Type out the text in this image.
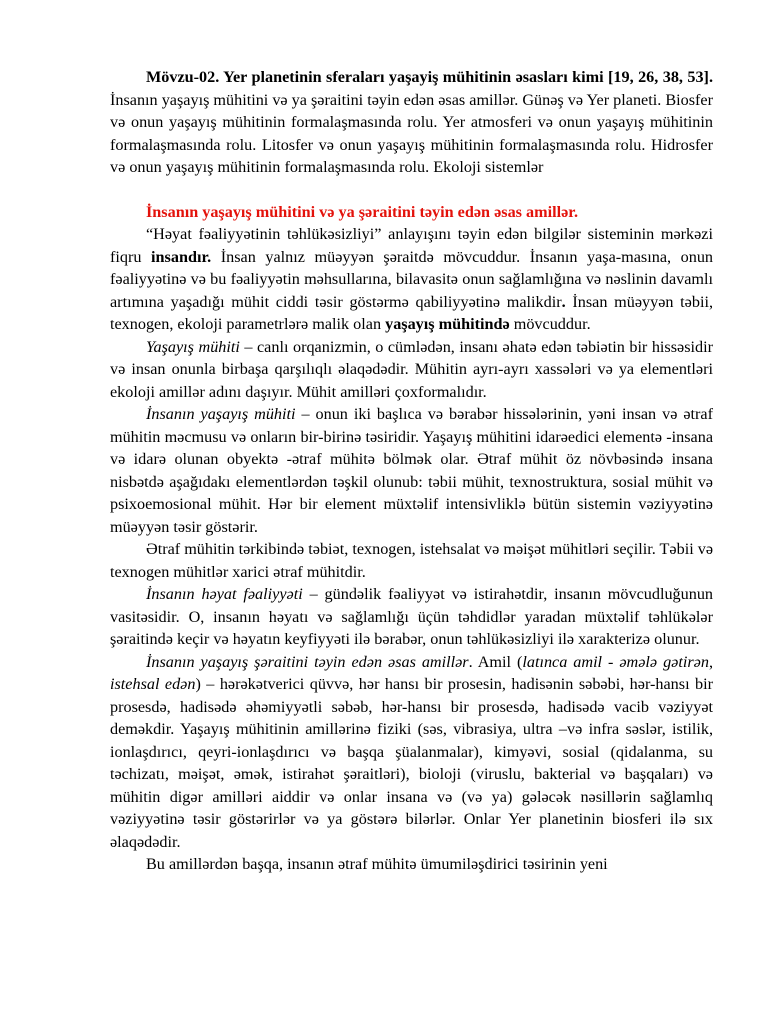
Mövzu-02. Yer planetinin sferaları yaşayiş mühitinin əsasları kimi [19, 26, 38, 53]. İnsanın yaşayış mühitini və ya şəraitini təyin edən əsas amillər. Günəş və Yer planeti. Biosfer və onun yaşayış mühitinin formalaşmasında rolu. Yer atmosferi və onun yaşayış mühitinin formalaşmasında rolu. Litosfer və onun yaşayış mühitinin formalaşmasında rolu. Hidrosfer və onun yaşayış mühitinin formalaşmasında rolu. Ekoloji sistemlər

İnsanın yaşayış mühitini və ya şəraitini təyin edən əsas amillər.

“Həyat fəaliyyətinin təhlükəsizliyi” anlayışını təyin edən bilgilər sisteminin mərkəzi fiqru insandır. İnsan yalnız müəyyən şəraitdə mövcuddur. İnsanın yaşa-masına, onun fəaliyyətinə və bu fəaliyyətin məhsullarına, bilavasitə onun sağlamlığına və nəslinin davamlı artımına yaşadığı mühit ciddi təsir göstərmə qabiliyyətinə malikdir. İnsan müəyyən təbii, texnogen, ekoloji parametrlərə malik olan yaşayış mühitində mövcuddur.

Yaşayış mühiti – canlı orqanizmin, o cümlədən, insanı əhatə edən təbiətin bir hissəsidir və insan onunla birbaşa qarşılıqlı əlaqədədir. Mühitin ayrı-ayrı xassələri və ya elementləri ekoloji amillər adını daşıyır. Mühit amilləri çoxformalıdır.

İnsanın yaşayış mühiti – onun iki başlıca və bərabər hissələrinin, yəni insan və ətraf mühitin məcmusu və onların bir-birinə təsiridir. Yaşayış mühitini idarəedici elementə -insana və idarə olunan obyektə -ətraf mühitə bölmək olar. Ətraf mühit öz növbəsində insana nisbətdə aşağıdakı elementlərdən təşkil olunub: təbii mühit, texnostruktura, sosial mühit və psixoemosional mühit. Hər bir element müxtəlif intensivliklə bütün sistemin vəziyyətinə müəyyən təsir göstərir.

Ətraf mühitin tərkibində təbiət, texnogen, istehsalat və məişət mühitləri seçilir. Təbii və texnogen mühitlər xarici ətraf mühitdir.

İnsanın həyat fəaliyyəti – gündəlik fəaliyyət və istirahətdir, insanın mövcudluğunun vasitəsidir. O, insanın həyatı və sağlamlığı üçün təhdidlər yaradan müxtəlif təhlükələr şəraitində keçir və həyatın keyfiyyəti ilə bərabər, onun təhlükəsizliyi ilə xarakterizə olunur.

İnsanın yaşayış şəraitini təyin edən əsas amillər. Amil (latınca amil - əmələ gətirən, istehsal edən) – hərəkətverici qüvvə, hər hansı bir prosesin, hadisənin səbəbi, hər-hansı bir prosesdə, hadisədə əhəmiyyətli səbəb, hər-hansı bir prosesdə, hadisədə vacib vəziyyət deməkdir. Yaşayış mühitinin amillərinə fiziki (səs, vibrasiya, ultra –və infra səslər, istilik, ionlaşdırıcı, qeyri-ionlaşdırıcı və başqa şüalanmalar), kimyəvi, sosial (qidalanma, su təchizatı, məişət, əmək, istirahət şəraitləri), bioloji (viruslu, bakterial və başqaları) və mühitin digər amilləri aiddir və onlar insana və (və ya) gələcək nəsillərin sağlamlıq vəziyyətinə təsir göstərirlər və ya göstərə bilərlər. Onlar Yer planetinin biosferi ilə sıx əlaqədədir.

Bu amillərdən başqa, insanın ətraf mühitə ümumiləşdirici təsirinin yeni
